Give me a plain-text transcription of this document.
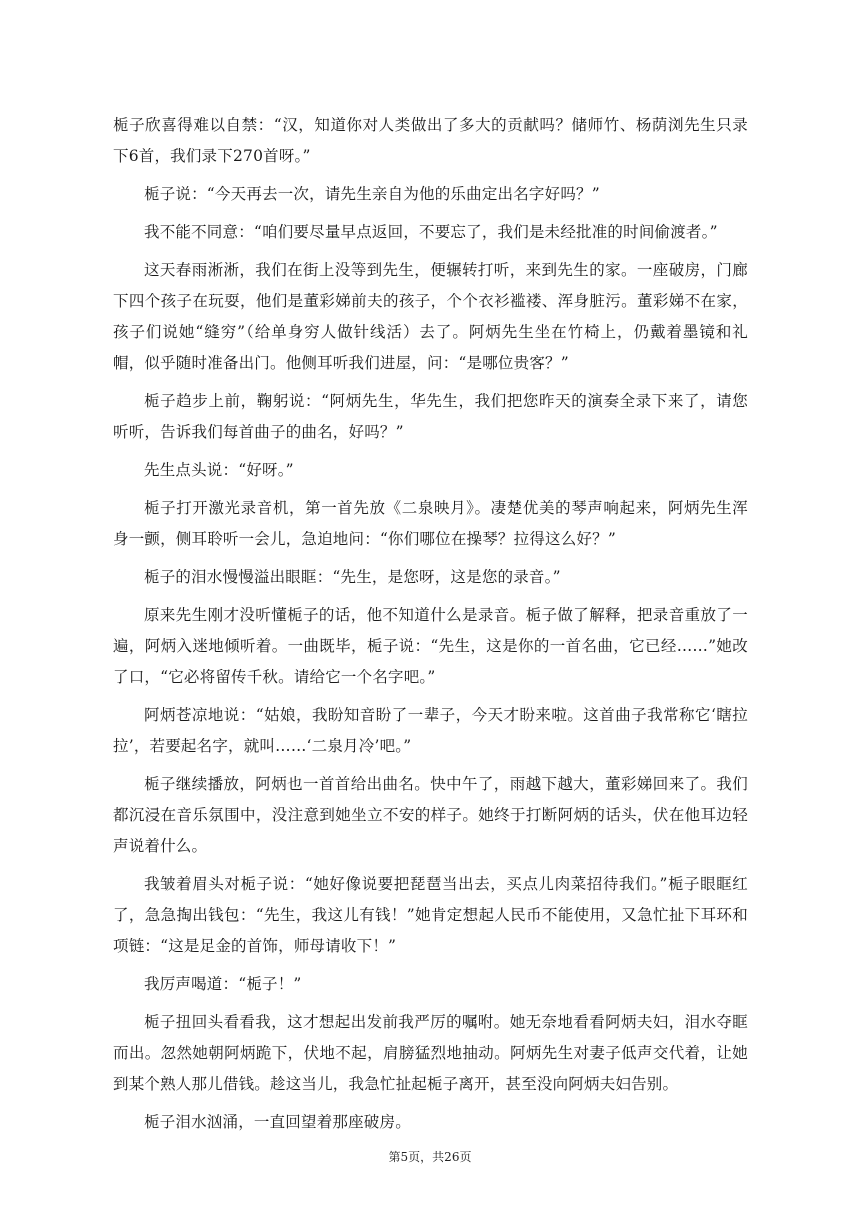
栀子欣喜得难以自禁：“汉，知道你对人类做出了多大的贡献吗？储师竹、杨荫浏先生只录下6首，我们录下270首呀。”

栀子说：“今天再去一次，请先生亲自为他的乐曲定出名字好吗？”

我不能不同意：“咱们要尽量早点返回，不要忘了，我们是未经批准的时间偷渡者。”

这天春雨淅淅，我们在街上没等到先生，便辗转打听，来到先生的家。一座破房，门廊下四个孩子在玩耍，他们是董彩娣前夫的孩子，个个衣衫褴褛、浑身脏污。董彩娣不在家，孩子们说她“缝穷”（给单身穷人做针线活）去了。阿炳先生坐在竹椅上，仍戴着墨镜和礼帽，似乎随时准备出门。他侧耳听我们进屋，问：“是哪位贵客？”

栀子趋步上前，鞠躬说：“阿炳先生，华先生，我们把您昨天的演奏全录下来了，请您听听，告诉我们每首曲子的曲名，好吗？”

先生点头说：“好呀。”

栀子打开激光录音机，第一首先放《二泉映月》。凄楚优美的琴声响起来，阿炳先生浑身一颤，侧耳聆听一会儿，急迫地问：“你们哪位在操琴？拉得这么好？”

栀子的泪水慢慢溢出眼眶：“先生，是您呀，这是您的录音。”

原来先生刚才没听懂栀子的话，他不知道什么是录音。栀子做了解释，把录音重放了一遍，阿炳入迷地倾听着。一曲既毕，栀子说：“先生，这是你的一首名曲，它已经……”她改了口，“它必将留传千秋。请给它一个名字吧。”

阿炳苍凉地说：“姑娘，我盼知音盼了一辈子，今天才盼来啦。这首曲子我常称它‘瞎拉拉’，若要起名字，就叫……‘二泉月冷’吧。”

栀子继续播放，阿炳也一首首给出曲名。快中午了，雨越下越大，董彩娣回来了。我们都沉浸在音乐氛围中，没注意到她坐立不安的样子。她终于打断阿炳的话头，伏在他耳边轻声说着什么。

我皱着眉头对栀子说：“她好像说要把琵琶当出去，买点儿肉菜招待我们。”栀子眼眶红了，急急掏出钱包：“先生，我这儿有钱！”她肯定想起人民币不能使用，又急忙扯下耳环和项链：“这是足金的首饰，师母请收下！”

我厉声喝道：“栀子！”

栀子扭回头看看我，这才想起出发前我严厉的嘱咐。她无奈地看看阿炳夫妇，泪水夺眶而出。忽然她朝阿炳跪下，伏地不起，肩膀猛烈地抽动。阿炳先生对妻子低声交代着，让她到某个熟人那儿借钱。趁这当儿，我急忙扯起栀子离开，甚至没向阿炳夫妇告别。

栀子泪水汹涌，一直回望着那座破房。

第5页，共26页
